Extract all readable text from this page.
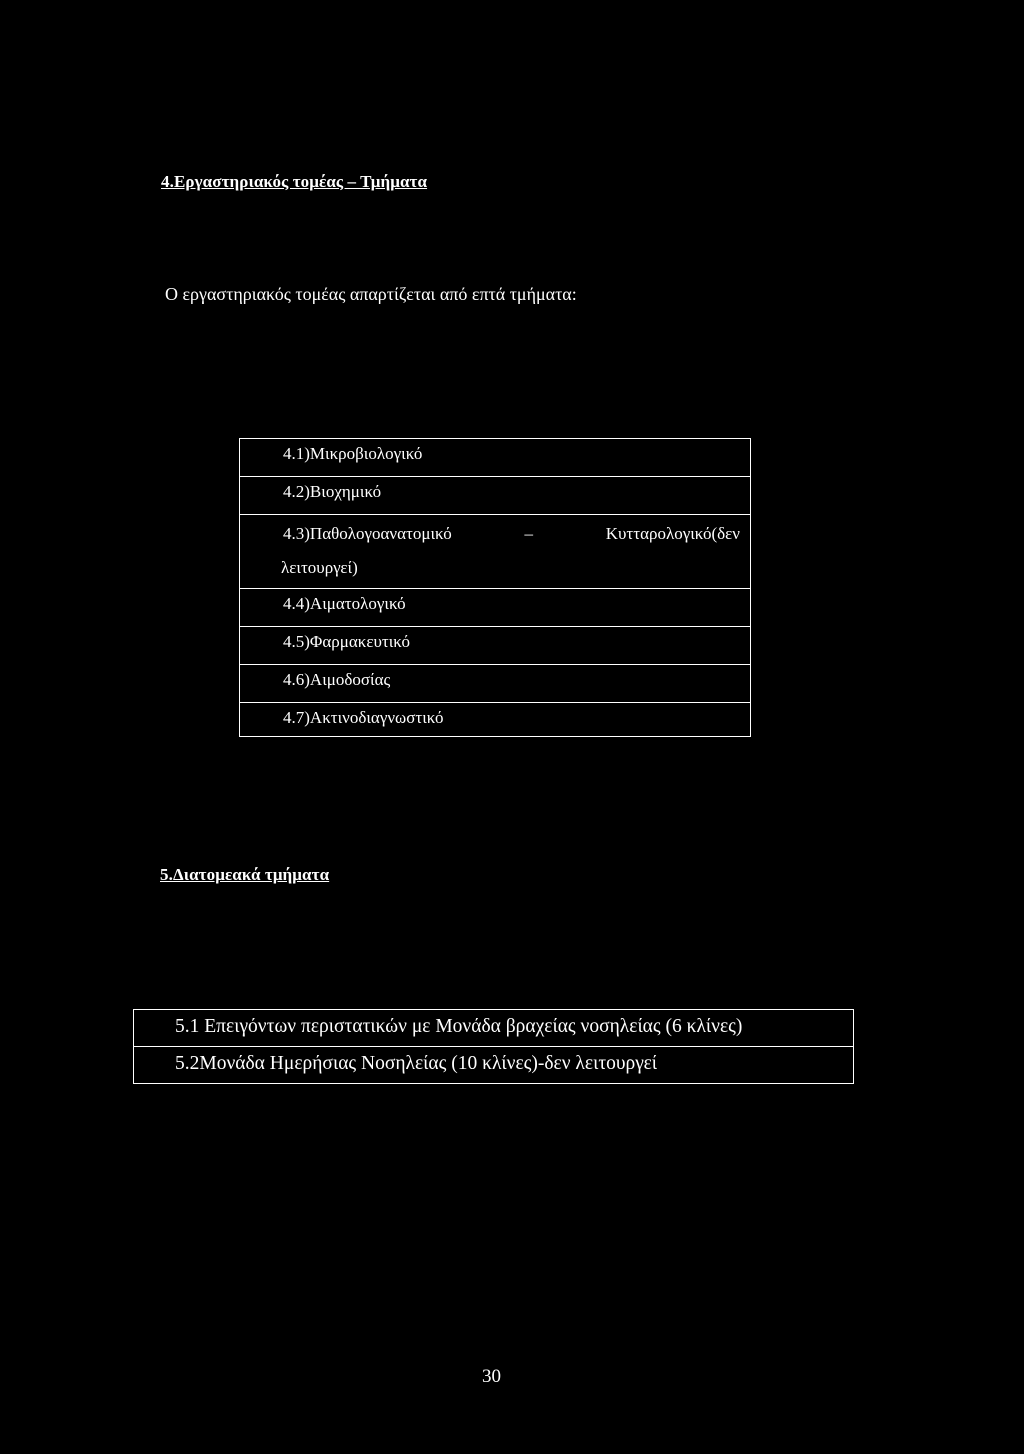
4.Εργαστηριακός τομέας – Τμήματα
Ο εργαστηριακός τομέας απαρτίζεται από επτά τμήματα:
4.1)Μικροβιολογικό
4.2)Βιοχημικό
4.3)Παθολογοανατομικό	–	Κυτταρολογικό(δεν
λειτουργεί)
4.4)Αιματολογικό
4.5)Φαρμακευτικό
4.6)Αιμοδοσίας
4.7)Ακτινοδιαγνωστικό
5.Διατομεακά τμήματα
5.1 Επειγόντων περιστατικών με Μονάδα βραχείας νοσηλείας (6 κλίνες)
5.2Μονάδα Ημερήσιας Νοσηλείας (10 κλίνες)-δεν λειτουργεί
30
